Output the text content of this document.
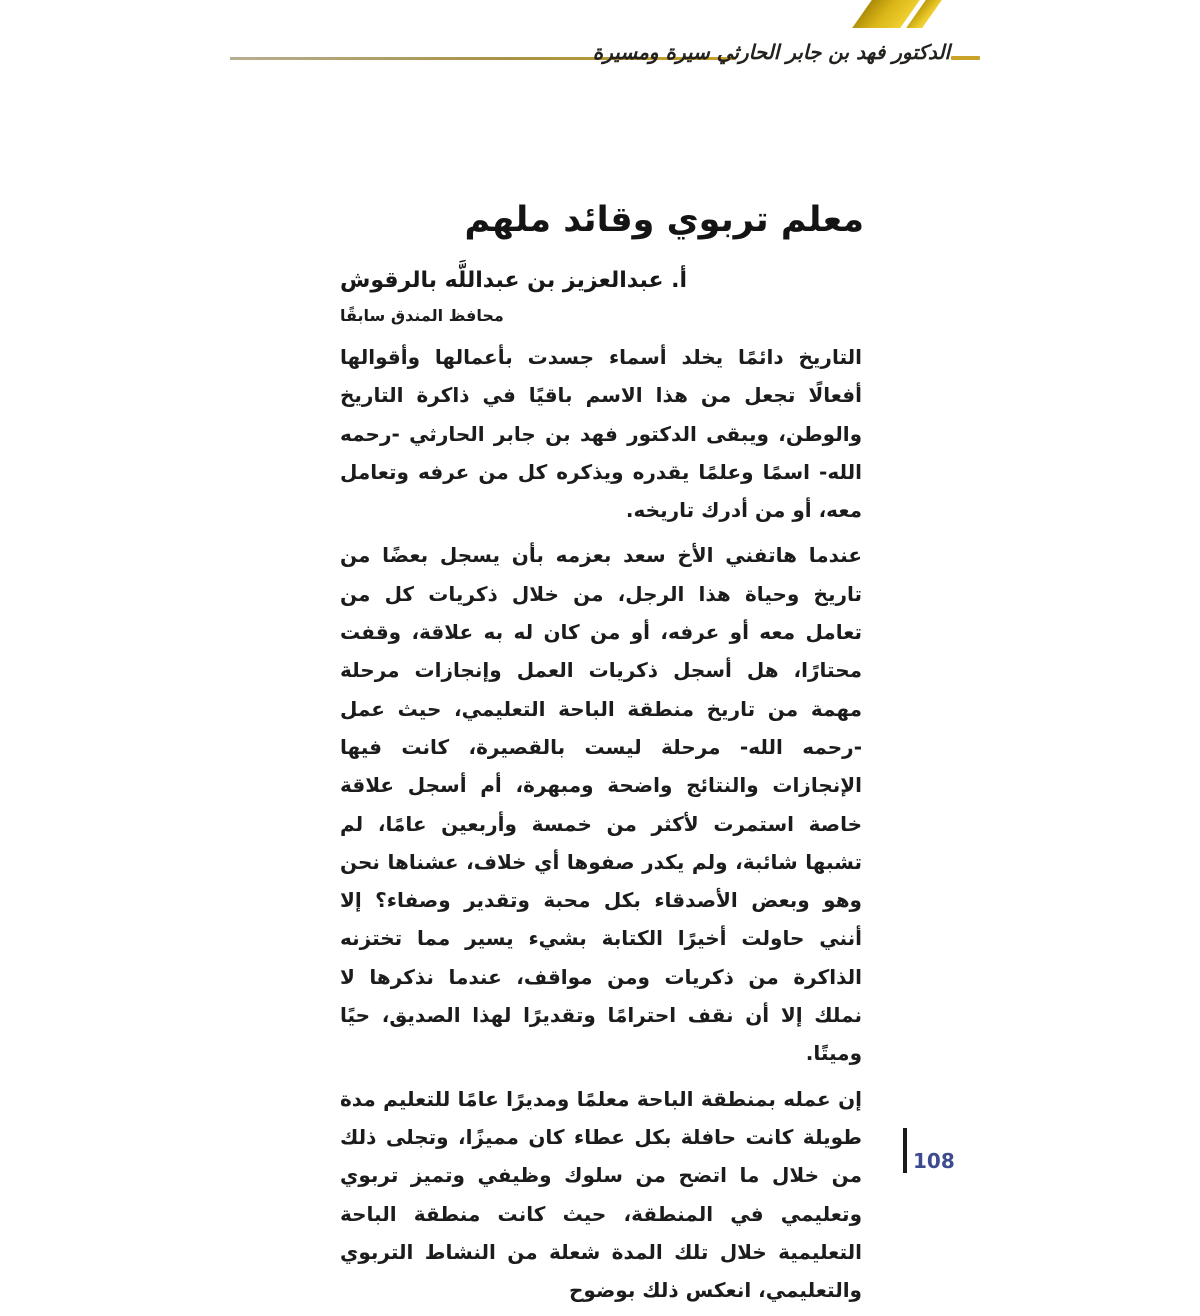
الدكتور فهد بن جابر الحارثي سيرة ومسيرة
معلم تربوي وقائد ملهم
أ. عبدالعزيز بن عبداللَّه بالرقوش
محافظ المندق سابقًا

التاريخ دائمًا يخلد أسماء جسدت بأعمالها وأقوالها أفعالًا تجعل من هذا الاسم باقيًا في ذاكرة التاريخ والوطن، ويبقى الدكتور فهد بن جابر الحارثي -رحمه الله- اسمًا وعلمًا يقدره ويذكره كل من عرفه وتعامل معه، أو من أدرك تاريخه.

عندما هاتفني الأخ سعد بعزمه بأن يسجل بعضًا من تاريخ وحياة هذا الرجل، من خلال ذكريات كل من تعامل معه أو عرفه، أو من كان له به علاقة، وقفت محتارًا، هل أسجل ذكريات العمل وإنجازات مرحلة مهمة من تاريخ منطقة الباحة التعليمي، حيث عمل -رحمه الله- مرحلة ليست بالقصيرة، كانت فيها الإنجازات والنتائج واضحة ومبهرة، أم أسجل علاقة خاصة استمرت لأكثر من خمسة وأربعين عامًا، لم تشبها شائبة، ولم يكدر صفوها أي خلاف، عشناها نحن وهو وبعض الأصدقاء بكل محبة وتقدير وصفاء؟ إلا أنني حاولت أخيرًا الكتابة بشيء يسير مما تختزنه الذاكرة من ذكريات ومن مواقف، عندما نذكرها لا نملك إلا أن نقف احترامًا وتقديرًا لهذا الصديق، حيًا وميتًا.

إن عمله بمنطقة الباحة معلمًا ومديرًا عامًا للتعليم مدة طويلة كانت حافلة بكل عطاء كان مميزًا، وتجلى ذلك من خلال ما اتضح من سلوك وظيفي وتميز تربوي وتعليمي في المنطقة، حيث كانت منطقة الباحة التعليمية خلال تلك المدة شعلة من النشاط التربوي والتعليمي، انعكس ذلك بوضوح

108
